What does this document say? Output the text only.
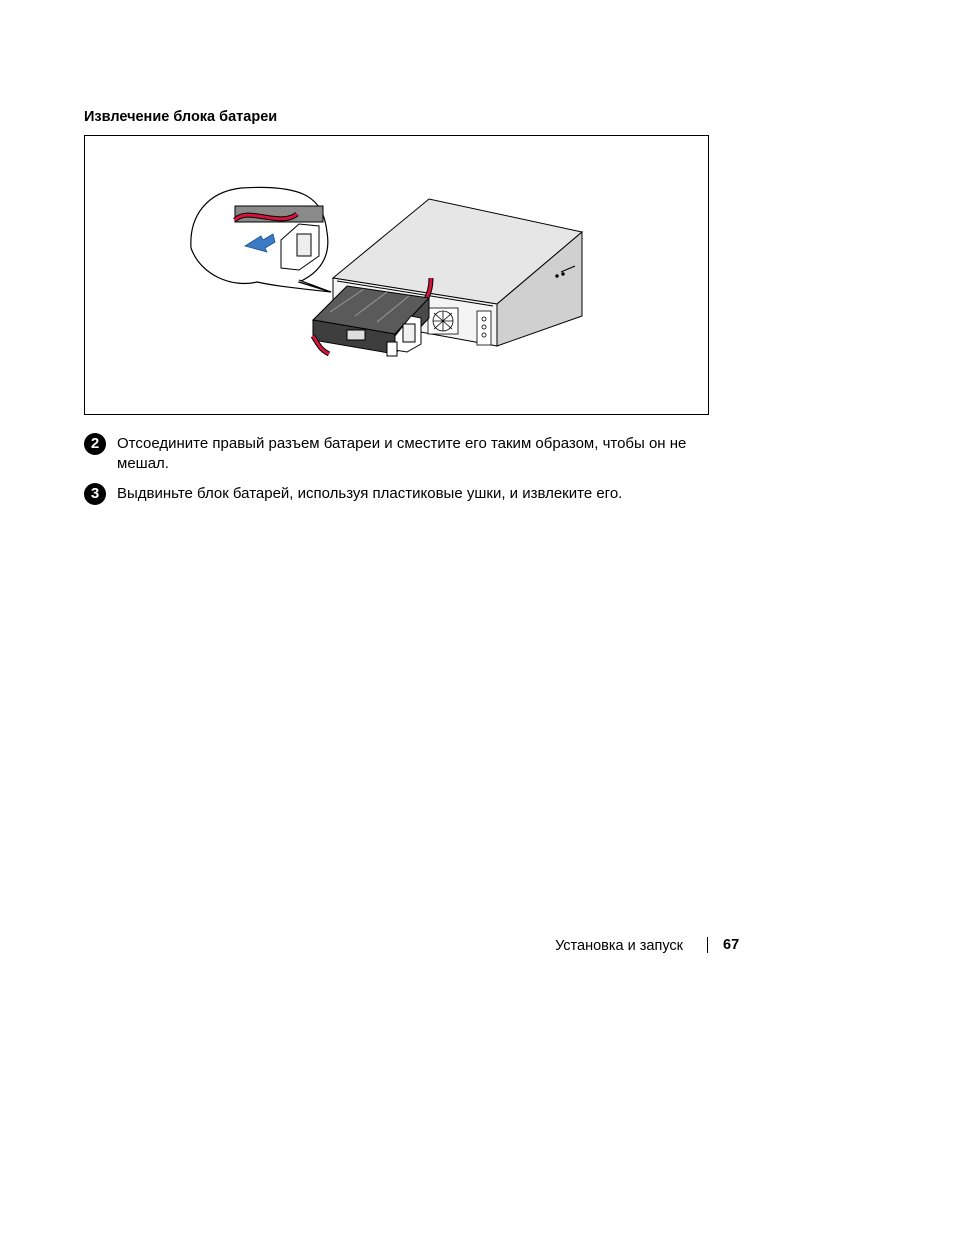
Извлечение блока батареи
2	Отсоедините правый разъем батареи и сместите его таким образом, чтобы он не мешал.
3	Выдвиньте блок батарей, используя пластиковые ушки, и извлеките его.
Установка и запуск	67
